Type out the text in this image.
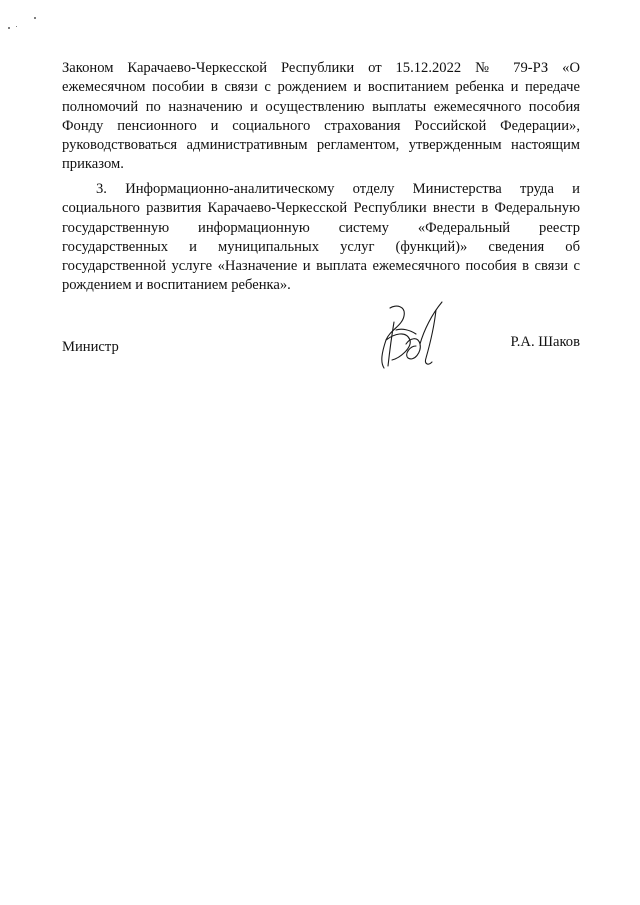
Законом Карачаево-Черкесской Республики от 15.12.2022 № 79-РЗ «О ежемесячном пособии в связи с рождением и воспитанием ребенка и передаче полномочий по назначению и осуществлению выплаты ежемесячного пособия Фонду пенсионного и социального страхования Российской Федерации», руководствоваться административным регламентом, утвержденным настоящим приказом.

3. Информационно-аналитическому отделу Министерства труда и социального развития Карачаево-Черкесской Республики внести в Федеральную государственную информационную систему «Федеральный реестр государственных и муниципальных услуг (функций)» сведения об государственной услуге «Назначение и выплата ежемесячного пособия в связи с рождением и воспитанием ребенка».

Министр	Р.А. Шаков
